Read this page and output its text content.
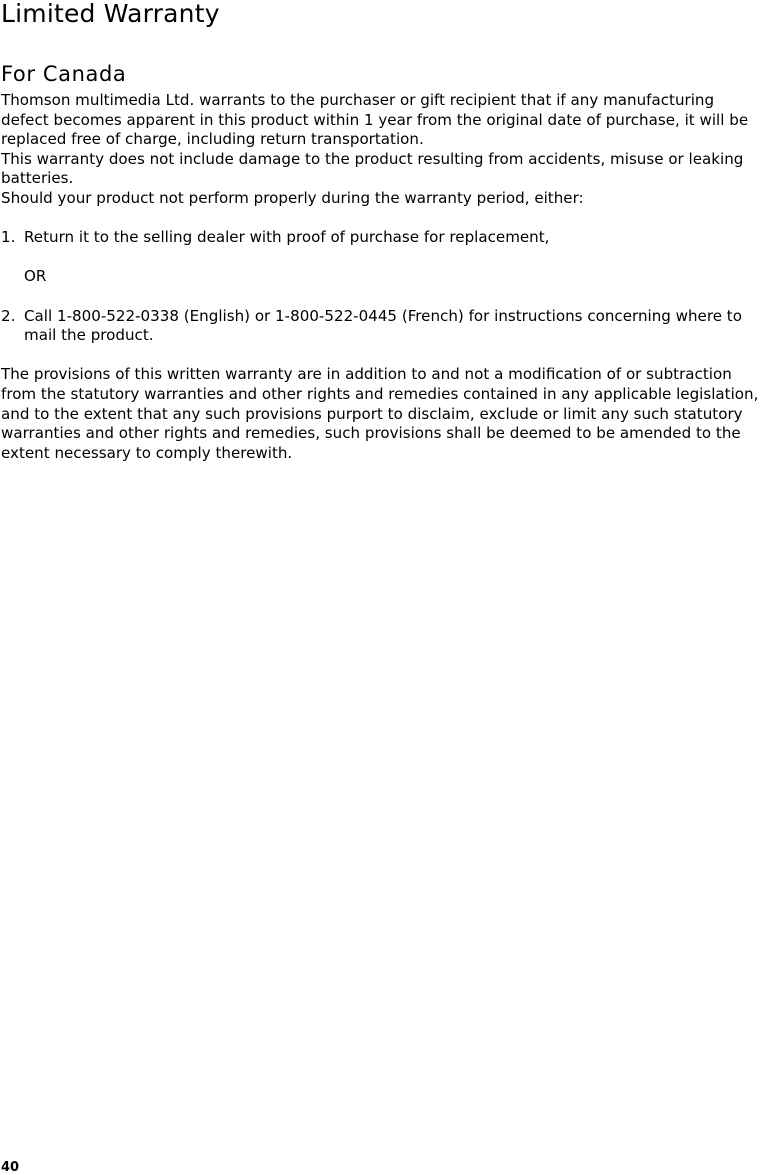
Limited Warranty
For Canada

Thomson multimedia Ltd. warrants to the purchaser or gift recipient that if any manufacturing defect becomes apparent in this product within 1 year from the original date of purchase, it will be replaced free of charge, including return transportation.

This warranty does not include damage to the product resulting from accidents, misuse or leaking batteries.

Should your product not perform properly during the warranty period, either:

1. Return it to the selling dealer with proof of purchase for replacement,

OR

2. Call 1-800-522-0338 (English) or 1-800-522-0445 (French) for instructions concerning where to mail the product.

The provisions of this written warranty are in addition to and not a modification of or subtraction from the statutory warranties and other rights and remedies contained in any applicable legislation, and to the extent that any such provisions purport to disclaim, exclude or limit any such statutory warranties and other rights and remedies, such provisions shall be deemed to be amended to the extent necessary to comply therewith.

40
